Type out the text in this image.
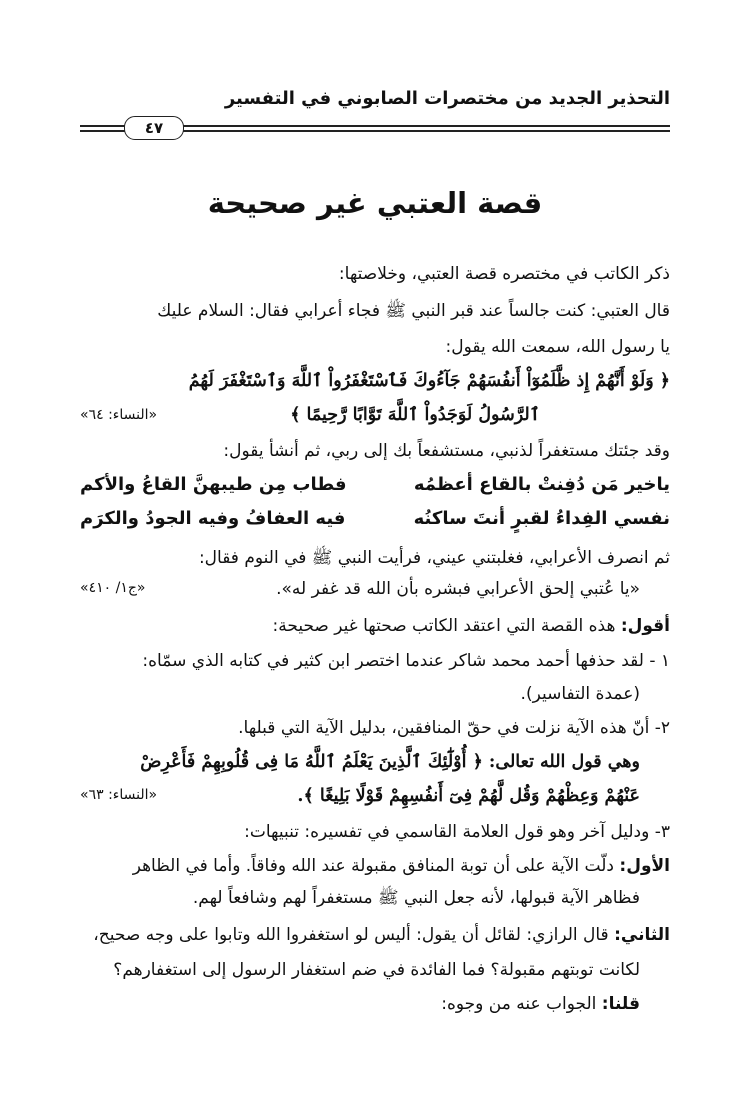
التحذير الجديد من مختصرات الصابوني في التفسير
٤٧
قصة العتبي غير صحيحة
ذكر الكاتب في مختصره قصة العتبي، وخلاصتها:
قال العتبي: كنت جالساً عند قبر النبي ﷺ فجاء أعرابي فقال: السلام عليك
يا رسول الله، سمعت الله يقول:
﴿ وَلَوْ أَنَّهُمْ إِذ ظَّلَمُوٓاْ أَنفُسَهُمْ جَآءُوكَ فَٱسْتَغْفَرُواْ ٱللَّهَ وَٱسْتَغْفَرَ لَهُمُ
ٱلرَّسُولُ لَوَجَدُواْ ٱللَّهَ تَوَّابًا رَّحِيمًا ﴾
«النساء: ٦٤»
وقد جئتك مستغفراً لذنبي، مستشفعاً بك إلى ربي، ثم أنشأ يقول:
ياخير مَن دُفِنتْ بالقاع أعظمُه
فطاب مِن طيبهنَّ القاعُ والأكم
نفسي الفِداءُ لقبرٍ أنتَ ساكنُه
فيه العفافُ وفيه الجودُ والكرَم
ثم انصرف الأعرابي، فغلبتني عيني، فرأيت النبي ﷺ في النوم فقال:
«يا عُتبي إلحق الأعرابي فبشره بأن الله قد غفر له».
«ج١/ ٤١٠»
أقول: هذه القصة التي اعتقد الكاتب صحتها غير صحيحة:
١ - لقد حذفها أحمد محمد شاكر عندما اختصر ابن كثير في كتابه الذي سمّاه:
(عمدة التفاسير).
٢- أنّ هذه الآية نزلت في حقّ المنافقين، بدليل الآية التي قبلها.
وهي قول الله تعالى: ﴿ أُوْلَٰٓئِكَ ٱلَّذِينَ يَعْلَمُ ٱللَّهُ مَا فِى قُلُوبِهِمْ فَأَعْرِضْ
عَنْهُمْ وَعِظْهُمْ وَقُل لَّهُمْ فِىٓ أَنفُسِهِمْ قَوْلًا بَلِيغًا ﴾.
«النساء: ٦٣»
٣- ودليل آخر وهو قول العلامة القاسمي في تفسيره: تنبيهات:
الأول: دلّت الآية على أن توبة المنافق مقبولة عند الله وفاقاً. وأما في الظاهر
فظاهر الآية قبولها، لأنه جعل النبي ﷺ مستغفراً لهم وشافعاً لهم.
الثاني: قال الرازي: لقائل أن يقول: أليس لو استغفروا الله وتابوا على وجه صحيح،
لكانت توبتهم مقبولة؟ فما الفائدة في ضم استغفار الرسول إلى استغفارهم؟
قلنا: الجواب عنه من وجوه:
